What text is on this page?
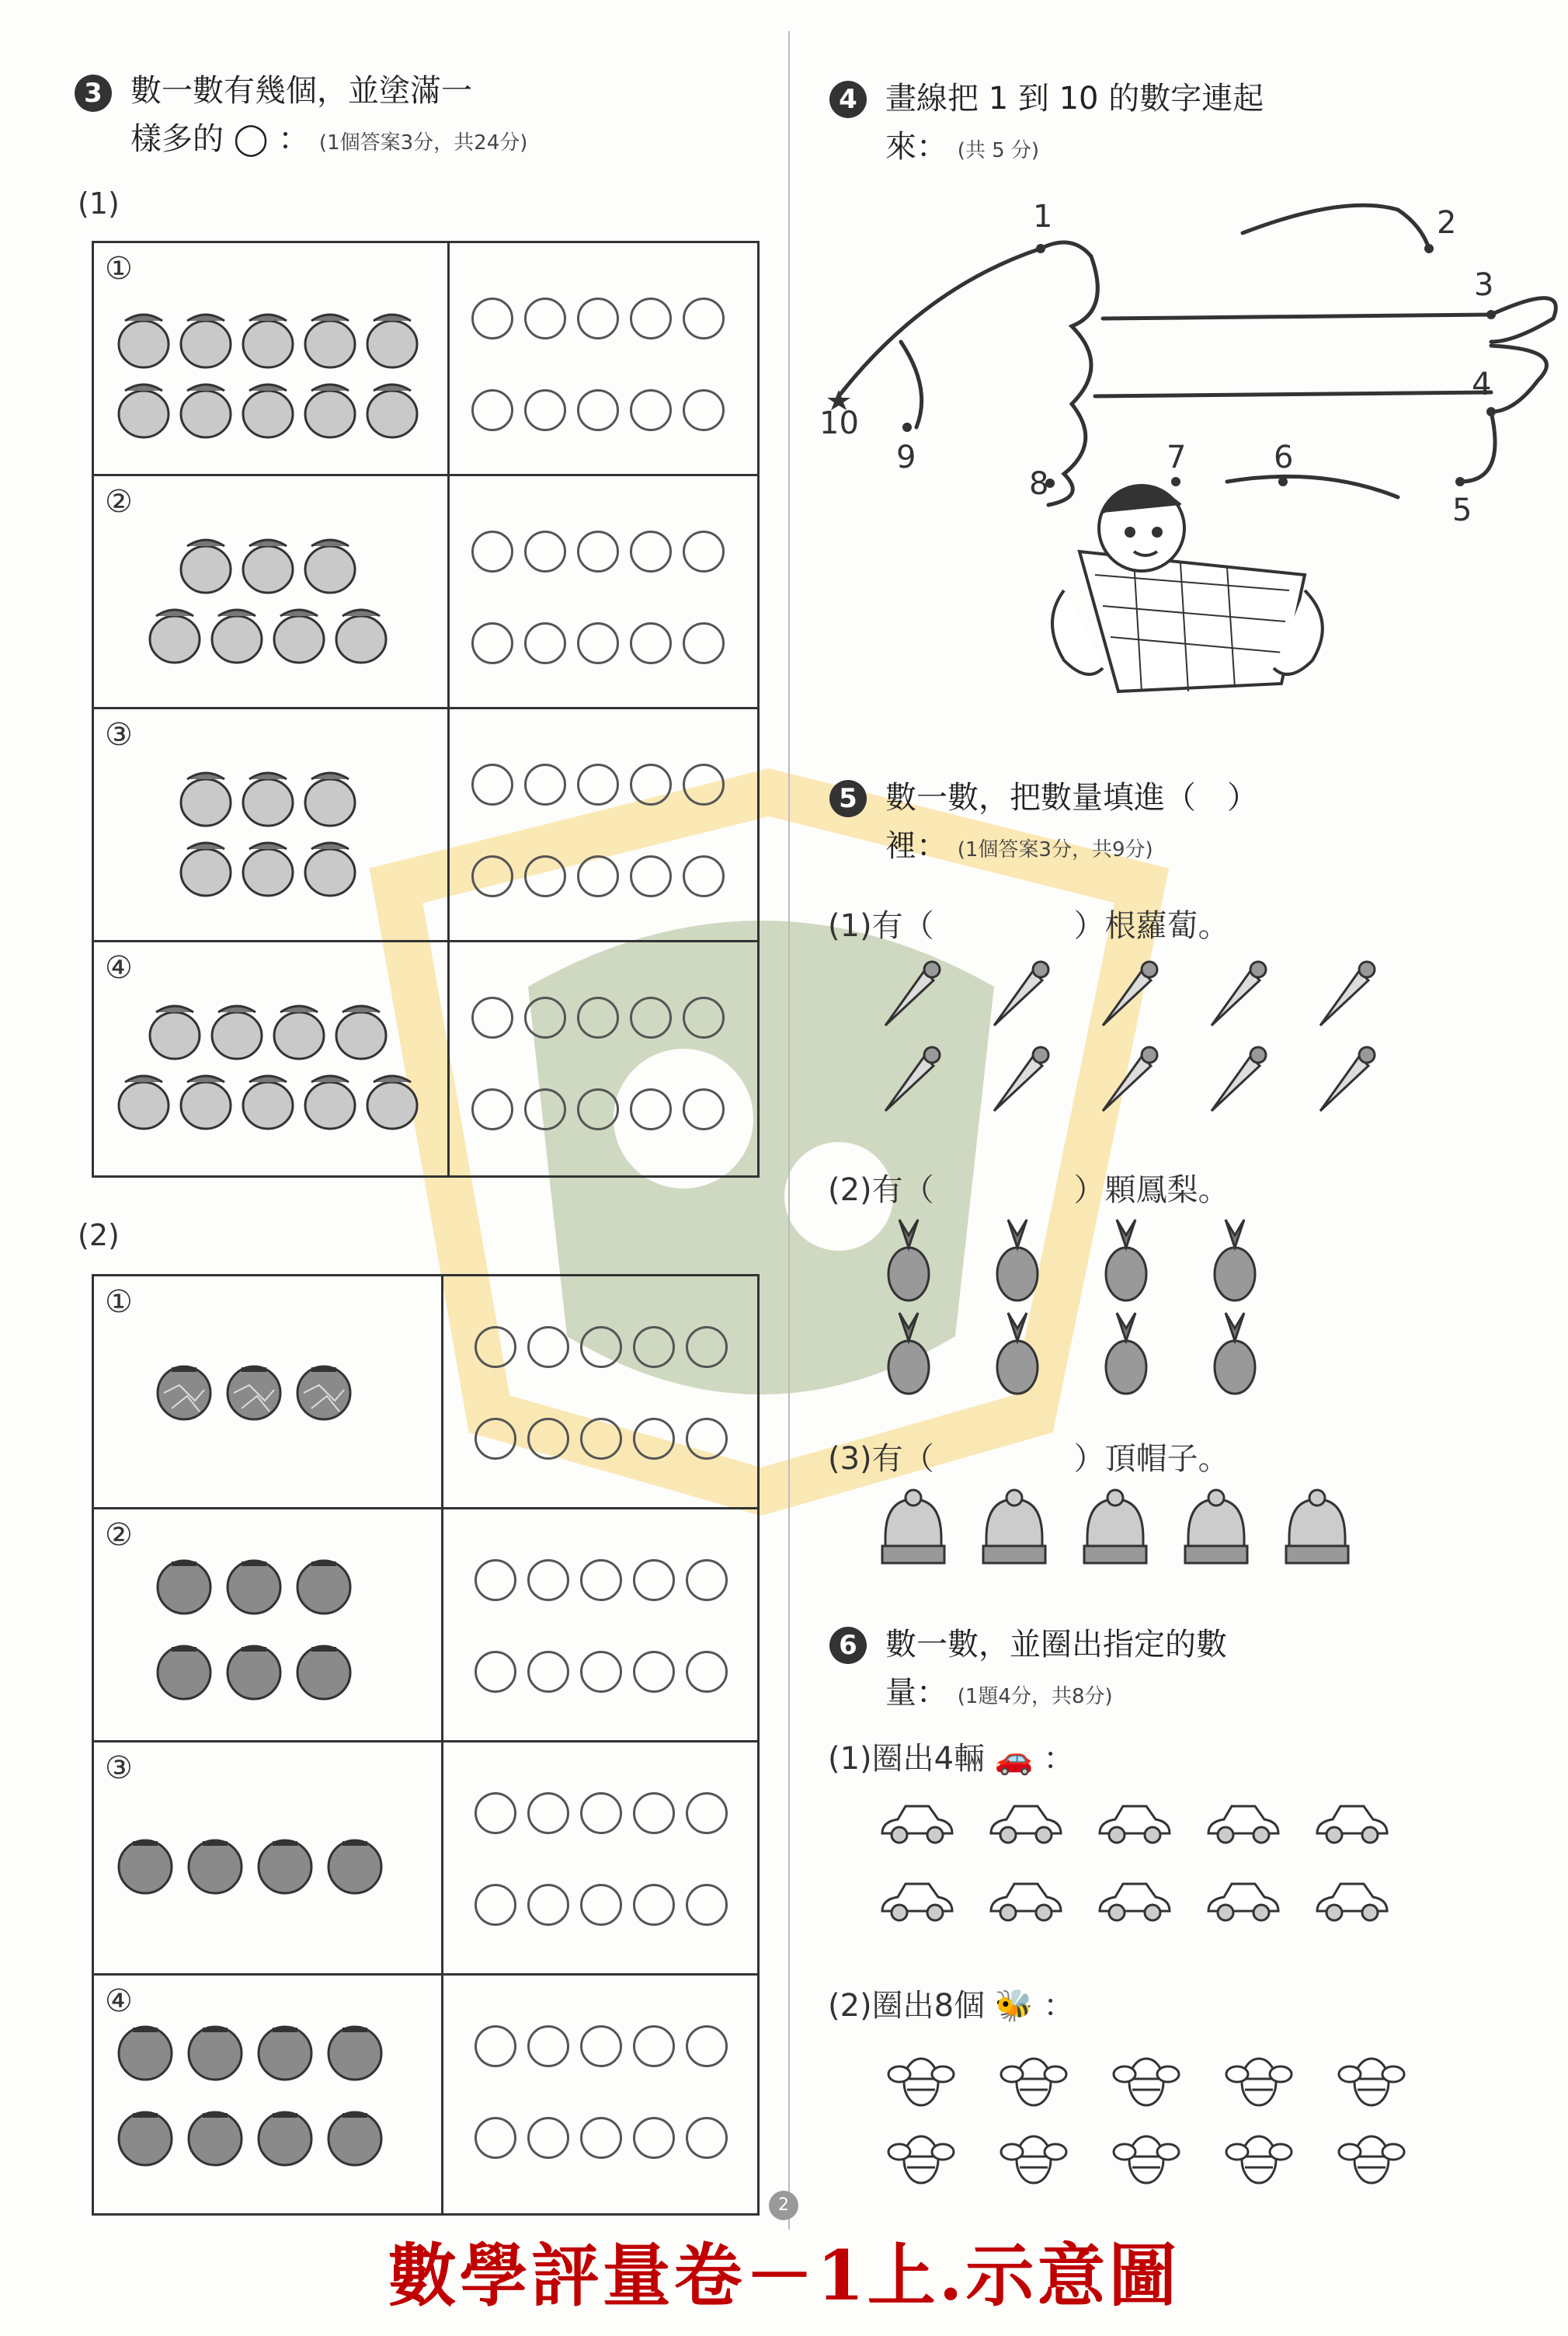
3 數一數有幾個，並塗滿一
樣多的 ◯ ： (1個答案3分，共24分)
(1)
①
②
③
④
(2)
①
②
③
④
4 畫線把 1 到 10 的數字連起
來： (共 5 分)
1	2
3
4
5
6
7
8
9
10
5 數一數，把數量填進（　）
裡： (1個答案3分，共9分)
(1)有（	）根蘿蔔。
(2)有（	）顆鳳梨。
(3)有（	）頂帽子。
6 數一數，並圈出指定的數
量： (1題4分，共8分)
(1)圈出4輛 🚗 ：
(2)圈出8個 🐝 ：
2
數學評量卷－1上.示意圖
